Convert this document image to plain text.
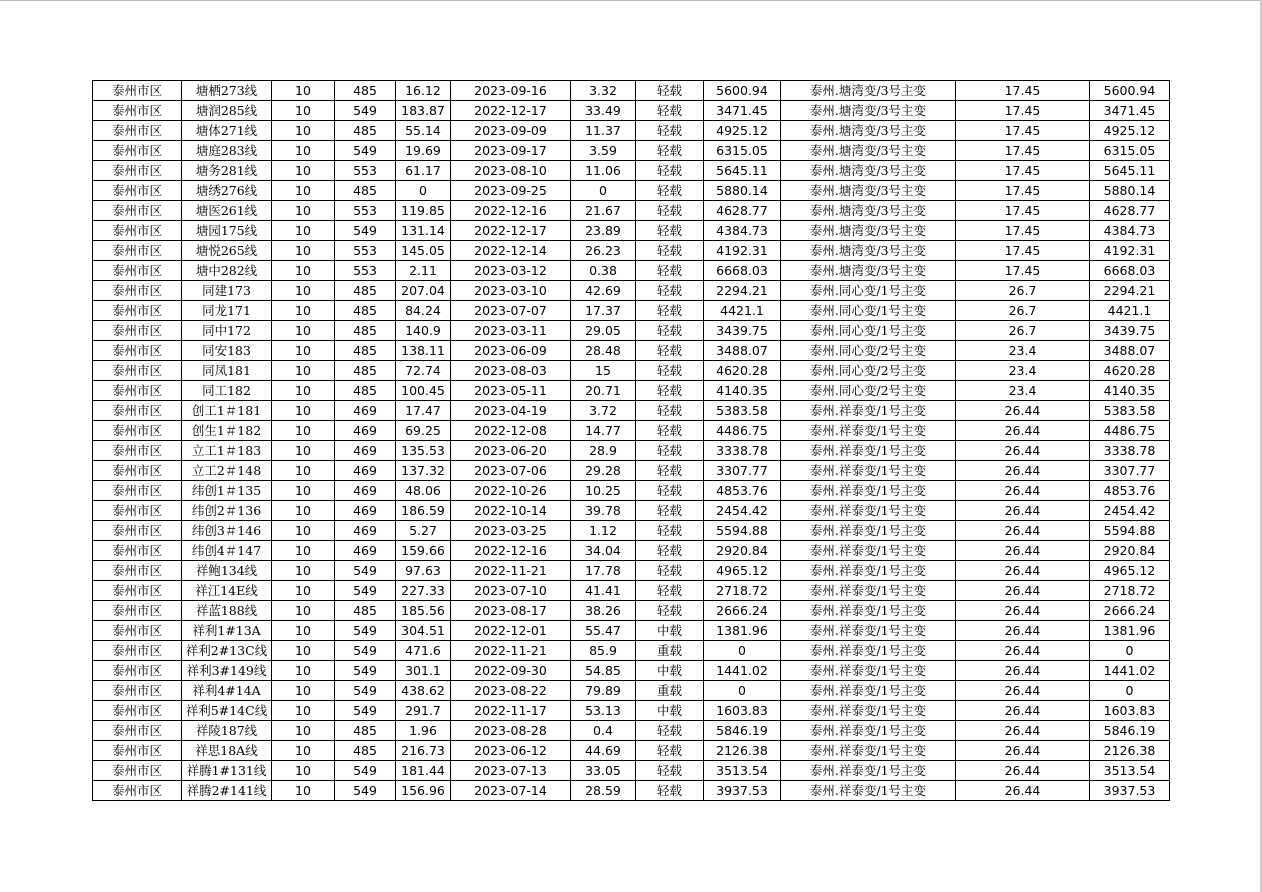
泰州市区	塘栖273线	10	485	16.12	2023-09-16	3.32	轻载	5600.94	泰州.塘湾变/3号主变	17.45	5600.94
泰州市区	塘润285线	10	549	183.87	2022-12-17	33.49	轻载	3471.45	泰州.塘湾变/3号主变	17.45	3471.45
泰州市区	塘体271线	10	485	55.14	2023-09-09	11.37	轻载	4925.12	泰州.塘湾变/3号主变	17.45	4925.12
泰州市区	塘庭283线	10	549	19.69	2023-09-17	3.59	轻载	6315.05	泰州.塘湾变/3号主变	17.45	6315.05
泰州市区	塘务281线	10	553	61.17	2023-08-10	11.06	轻载	5645.11	泰州.塘湾变/3号主变	17.45	5645.11
泰州市区	塘绣276线	10	485	0	2023-09-25	0	轻载	5880.14	泰州.塘湾变/3号主变	17.45	5880.14
泰州市区	塘医261线	10	553	119.85	2022-12-16	21.67	轻载	4628.77	泰州.塘湾变/3号主变	17.45	4628.77
泰州市区	塘园175线	10	549	131.14	2022-12-17	23.89	轻载	4384.73	泰州.塘湾变/3号主变	17.45	4384.73
泰州市区	塘悦265线	10	553	145.05	2022-12-14	26.23	轻载	4192.31	泰州.塘湾变/3号主变	17.45	4192.31
泰州市区	塘中282线	10	553	2.11	2023-03-12	0.38	轻载	6668.03	泰州.塘湾变/3号主变	17.45	6668.03
泰州市区	同建173	10	485	207.04	2023-03-10	42.69	轻载	2294.21	泰州.同心变/1号主变	26.7	2294.21
泰州市区	同龙171	10	485	84.24	2023-07-07	17.37	轻载	4421.1	泰州.同心变/1号主变	26.7	4421.1
泰州市区	同中172	10	485	140.9	2023-03-11	29.05	轻载	3439.75	泰州.同心变/1号主变	26.7	3439.75
泰州市区	同安183	10	485	138.11	2023-06-09	28.48	轻载	3488.07	泰州.同心变/2号主变	23.4	3488.07
泰州市区	同凤181	10	485	72.74	2023-08-03	15	轻载	4620.28	泰州.同心变/2号主变	23.4	4620.28
泰州市区	同工182	10	485	100.45	2023-05-11	20.71	轻载	4140.35	泰州.同心变/2号主变	23.4	4140.35
泰州市区	创工1＃181	10	469	17.47	2023-04-19	3.72	轻载	5383.58	泰州.祥泰变/1号主变	26.44	5383.58
泰州市区	创生1＃182	10	469	69.25	2022-12-08	14.77	轻载	4486.75	泰州.祥泰变/1号主变	26.44	4486.75
泰州市区	立工1＃183	10	469	135.53	2023-06-20	28.9	轻载	3338.78	泰州.祥泰变/1号主变	26.44	3338.78
泰州市区	立工2＃148	10	469	137.32	2023-07-06	29.28	轻载	3307.77	泰州.祥泰变/1号主变	26.44	3307.77
泰州市区	纬创1＃135	10	469	48.06	2022-10-26	10.25	轻载	4853.76	泰州.祥泰变/1号主变	26.44	4853.76
泰州市区	纬创2＃136	10	469	186.59	2022-10-14	39.78	轻载	2454.42	泰州.祥泰变/1号主变	26.44	2454.42
泰州市区	纬创3＃146	10	469	5.27	2023-03-25	1.12	轻载	5594.88	泰州.祥泰变/1号主变	26.44	5594.88
泰州市区	纬创4＃147	10	469	159.66	2022-12-16	34.04	轻载	2920.84	泰州.祥泰变/1号主变	26.44	2920.84
泰州市区	祥鲍134线	10	549	97.63	2022-11-21	17.78	轻载	4965.12	泰州.祥泰变/1号主变	26.44	4965.12
泰州市区	祥江14E线	10	549	227.33	2023-07-10	41.41	轻载	2718.72	泰州.祥泰变/1号主变	26.44	2718.72
泰州市区	祥蓝188线	10	485	185.56	2023-08-17	38.26	轻载	2666.24	泰州.祥泰变/1号主变	26.44	2666.24
泰州市区	祥利1#13A	10	549	304.51	2022-12-01	55.47	中载	1381.96	泰州.祥泰变/1号主变	26.44	1381.96
泰州市区	祥利2#13C线	10	549	471.6	2022-11-21	85.9	重载	0	泰州.祥泰变/1号主变	26.44	0
泰州市区	祥利3#149线	10	549	301.1	2022-09-30	54.85	中载	1441.02	泰州.祥泰变/1号主变	26.44	1441.02
泰州市区	祥利4#14A	10	549	438.62	2023-08-22	79.89	重载	0	泰州.祥泰变/1号主变	26.44	0
泰州市区	祥利5#14C线	10	549	291.7	2022-11-17	53.13	中载	1603.83	泰州.祥泰变/1号主变	26.44	1603.83
泰州市区	祥陵187线	10	485	1.96	2023-08-28	0.4	轻载	5846.19	泰州.祥泰变/1号主变	26.44	5846.19
泰州市区	祥思18A线	10	485	216.73	2023-06-12	44.69	轻载	2126.38	泰州.祥泰变/1号主变	26.44	2126.38
泰州市区	祥腾1#131线	10	549	181.44	2023-07-13	33.05	轻载	3513.54	泰州.祥泰变/1号主变	26.44	3513.54
泰州市区	祥腾2#141线	10	549	156.96	2023-07-14	28.59	轻载	3937.53	泰州.祥泰变/1号主变	26.44	3937.53
